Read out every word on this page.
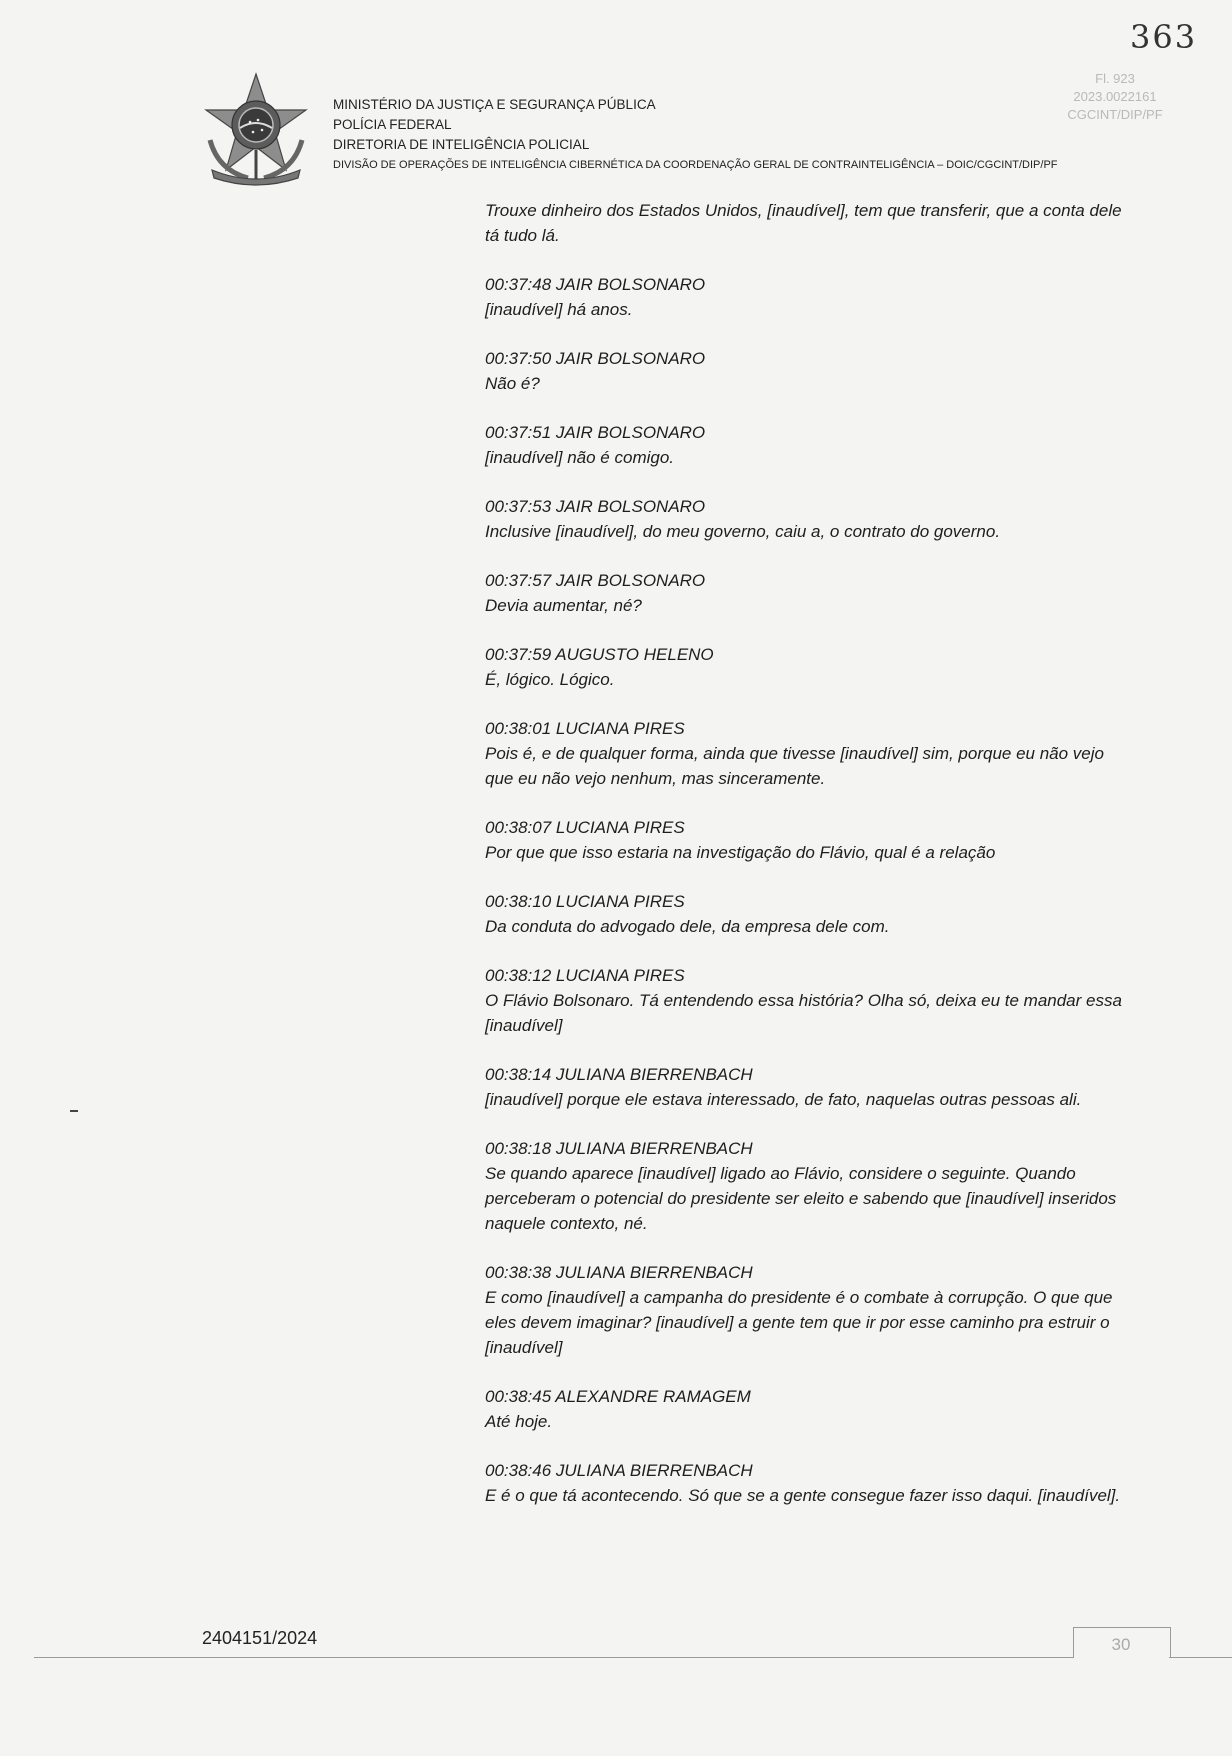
363
Fl. 923
2023.0022161
CGCINT/DIP/PF
MINISTÉRIO DA JUSTIÇA E SEGURANÇA PÚBLICA
POLÍCIA FEDERAL
DIRETORIA DE INTELIGÊNCIA POLICIAL
DIVISÃO DE OPERAÇÕES DE INTELIGÊNCIA CIBERNÉTICA DA COORDENAÇÃO GERAL DE CONTRAINTELIGÊNCIA – DOIC/CGCINT/DIP/PF
Trouxe dinheiro dos Estados Unidos, [inaudível], tem que transferir, que a conta dele tá tudo lá.
00:37:48 JAIR BOLSONARO
[inaudível] há anos.
00:37:50 JAIR BOLSONARO
Não é?
00:37:51 JAIR BOLSONARO
[inaudível] não é comigo.
00:37:53 JAIR BOLSONARO
Inclusive [inaudível], do meu governo, caiu a, o contrato do governo.
00:37:57 JAIR BOLSONARO
Devia aumentar, né?
00:37:59 AUGUSTO HELENO
É, lógico. Lógico.
00:38:01 LUCIANA PIRES
Pois é, e de qualquer forma, ainda que tivesse [inaudível] sim, porque eu não vejo que eu não vejo nenhum, mas sinceramente.
00:38:07 LUCIANA PIRES
Por que que isso estaria na investigação do Flávio, qual é a relação
00:38:10 LUCIANA PIRES
Da conduta do advogado dele, da empresa dele com.
00:38:12 LUCIANA PIRES
O Flávio Bolsonaro. Tá entendendo essa história? Olha só, deixa eu te mandar essa [inaudível]
00:38:14 JULIANA BIERRENBACH
[inaudível] porque ele estava interessado, de fato, naquelas outras pessoas ali.
00:38:18 JULIANA BIERRENBACH
Se quando aparece [inaudível] ligado ao Flávio, considere o seguinte. Quando perceberam o potencial do presidente ser eleito e sabendo que [inaudível] inseridos naquele contexto, né.
00:38:38 JULIANA BIERRENBACH
E como [inaudível] a campanha do presidente é o combate à corrupção. O que que eles devem imaginar? [inaudível] a gente tem que ir por esse caminho pra estruir o [inaudível]
00:38:45 ALEXANDRE RAMAGEM
Até hoje.
00:38:46 JULIANA BIERRENBACH
E é o que tá acontecendo. Só que se a gente consegue fazer isso daqui. [inaudível].
2404151/2024	30
